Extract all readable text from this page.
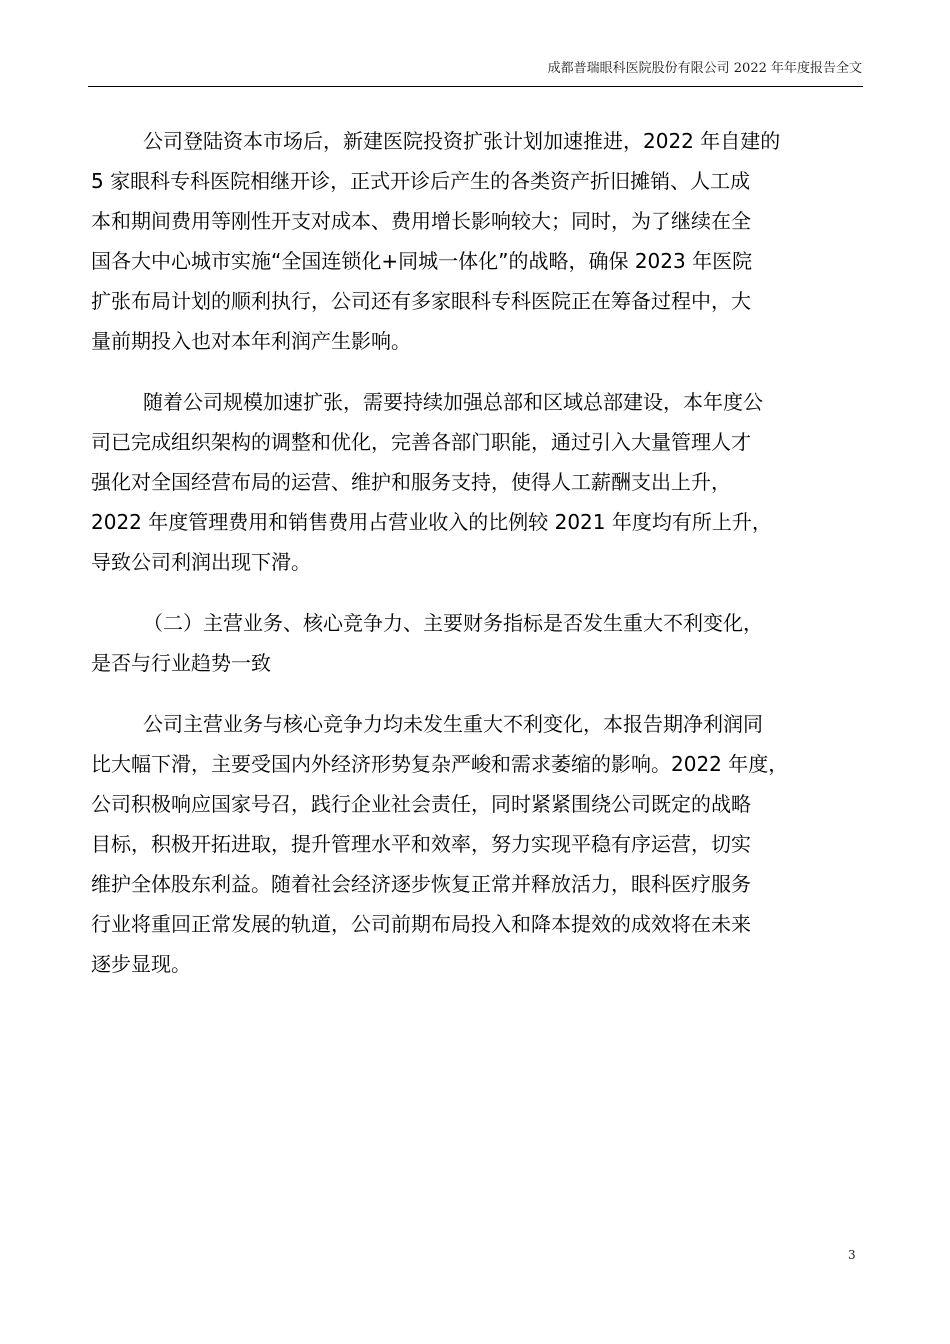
成都普瑞眼科医院股份有限公司 2022 年年度报告全文
公司登陆资本市场后，新建医院投资扩张计划加速推进，2022 年自建的
5 家眼科专科医院相继开诊，正式开诊后产生的各类资产折旧摊销、人工成
本和期间费用等刚性开支对成本、费用增长影响较大；同时，为了继续在全
国各大中心城市实施“全国连锁化+同城一体化”的战略，确保 2023 年医院
扩张布局计划的顺利执行，公司还有多家眼科专科医院正在筹备过程中，大
量前期投入也对本年利润产生影响。
随着公司规模加速扩张，需要持续加强总部和区域总部建设，本年度公
司已完成组织架构的调整和优化，完善各部门职能，通过引入大量管理人才
强化对全国经营布局的运营、维护和服务支持，使得人工薪酬支出上升，
2022 年度管理费用和销售费用占营业收入的比例较 2021 年度均有所上升，
导致公司利润出现下滑。
（二）主营业务、核心竞争力、主要财务指标是否发生重大不利变化，
是否与行业趋势一致
公司主营业务与核心竞争力均未发生重大不利变化，本报告期净利润同
比大幅下滑，主要受国内外经济形势复杂严峻和需求萎缩的影响。2022 年度，
公司积极响应国家号召，践行企业社会责任，同时紧紧围绕公司既定的战略
目标，积极开拓进取，提升管理水平和效率，努力实现平稳有序运营，切实
维护全体股东利益。随着社会经济逐步恢复正常并释放活力，眼科医疗服务
行业将重回正常发展的轨道，公司前期布局投入和降本提效的成效将在未来
逐步显现。
3
